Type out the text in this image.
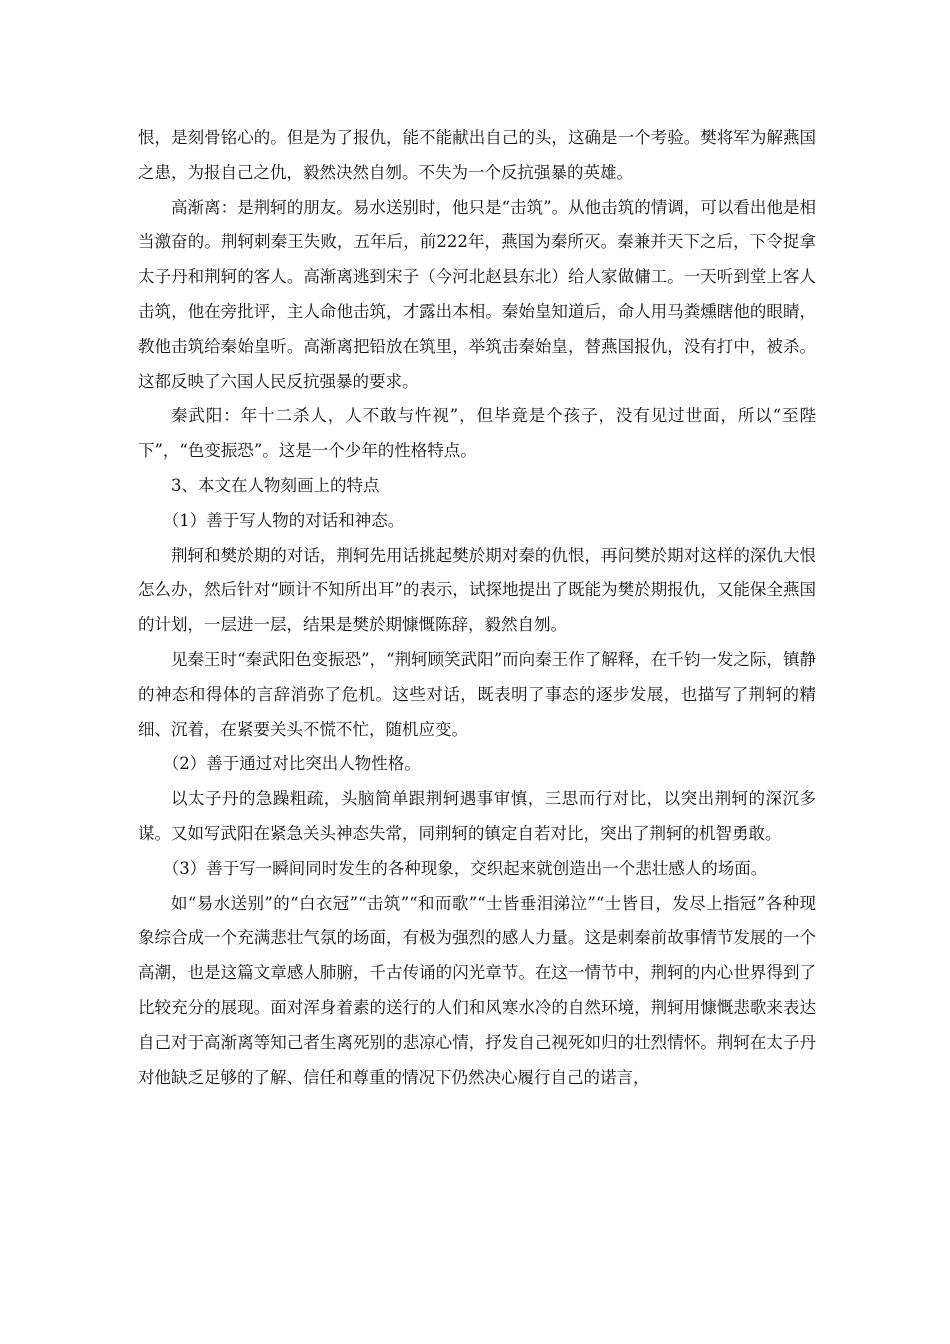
恨，是刻骨铭心的。但是为了报仇，能不能献出自己的头，这确是一个考验。樊将军为解燕国之患，为报自己之仇，毅然决然自刎。不失为一个反抗强暴的英雄。

高渐离：是荆轲的朋友。易水送别时，他只是“击筑”。从他击筑的情调，可以看出他是相当激奋的。荆轲刺秦王失败，五年后，前222年，燕国为秦所灭。秦兼并天下之后，下令捉拿太子丹和荆轲的客人。高渐离逃到宋子（今河北赵县东北）给人家做傭工。一天听到堂上客人击筑，他在旁批评，主人命他击筑，才露出本相。秦始皇知道后，命人用马粪燻瞎他的眼睛，教他击筑给秦始皇听。高渐离把铅放在筑里，举筑击秦始皇，替燕国报仇，没有打中，被杀。这都反映了六国人民反抗强暴的要求。

秦武阳：年十二杀人，人不敢与忤视”，但毕竟是个孩子，没有见过世面，所以“至陛下”，“色变振恐”。这是一个少年的性格特点。

3、本文在人物刻画上的特点

（1）善于写人物的对话和神态。

荆轲和樊於期的对话，荆轲先用话挑起樊於期对秦的仇恨，再问樊於期对这样的深仇大恨怎么办，然后针对“顾计不知所出耳”的表示，试探地提出了既能为樊於期报仇，又能保全燕国的计划，一层进一层，结果是樊於期慷慨陈辞，毅然自刎。

见秦王时“秦武阳色变振恐”，“荆轲顾笑武阳”而向秦王作了解释，在千钧一发之际，镇静的神态和得体的言辞消弥了危机。这些对话，既表明了事态的逐步发展，也描写了荆轲的精细、沉着，在紧要关头不慌不忙，随机应变。

（2）善于通过对比突出人物性格。

以太子丹的急躁粗疏，头脑简单跟荆轲遇事审慎，三思而行对比，以突出荆轲的深沉多谋。又如写武阳在紧急关头神态失常，同荆轲的镇定自若对比，突出了荆轲的机智勇敢。

（3）善于写一瞬间同时发生的各种现象，交织起来就创造出一个悲壮感人的场面。

如“易水送别”的“白衣冠”“击筑”“和而歌”“士皆垂泪涕泣”“士皆目，发尽上指冠”各种现象综合成一个充满悲壮气氛的场面，有极为强烈的感人力量。这是刺秦前故事情节发展的一个高潮，也是这篇文章感人肺腑，千古传诵的闪光章节。在这一情节中，荆轲的内心世界得到了比较充分的展现。面对浑身着素的送行的人们和风寒水冷的自然环境，荆轲用慷慨悲歌来表达自己对于高渐离等知己者生离死别的悲凉心情，抒发自己视死如归的壮烈情怀。荆轲在太子丹对他缺乏足够的了解、信任和尊重的情况下仍然决心履行自己的诺言，
